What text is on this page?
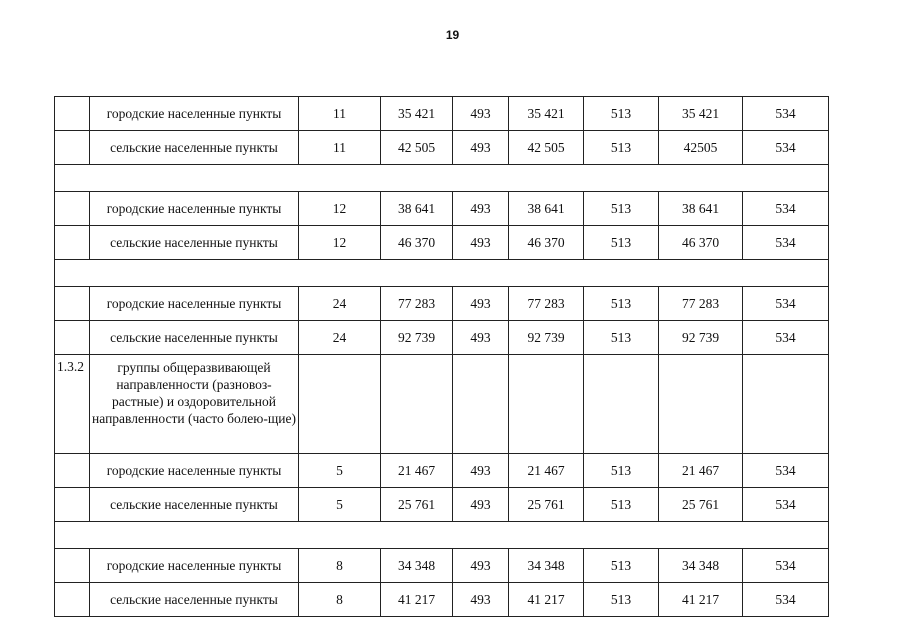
19
	городские населенные пункты	11	35 421	493	35 421	513	35 421	534
	сельские населенные пункты	11	42 505	493	42 505	513	42505	534

	городские населенные пункты	12	38 641	493	38 641	513	38 641	534
	сельские населенные пункты	12	46 370	493	46 370	513	46 370	534

	городские населенные пункты	24	77 283	493	77 283	513	77 283	534
	сельские населенные пункты	24	92 739	493	92 739	513	92 739	534
1.3.2	группы общеразвивающей направленности (разновоз-растные) и оздоровительной направленности (часто болею-щие)							
	городские населенные пункты	5	21 467	493	21 467	513	21 467	534
	сельские населенные пункты	5	25 761	493	25 761	513	25 761	534

	городские населенные пункты	8	34 348	493	34 348	513	34 348	534
	сельские населенные пункты	8	41 217	493	41 217	513	41 217	534
